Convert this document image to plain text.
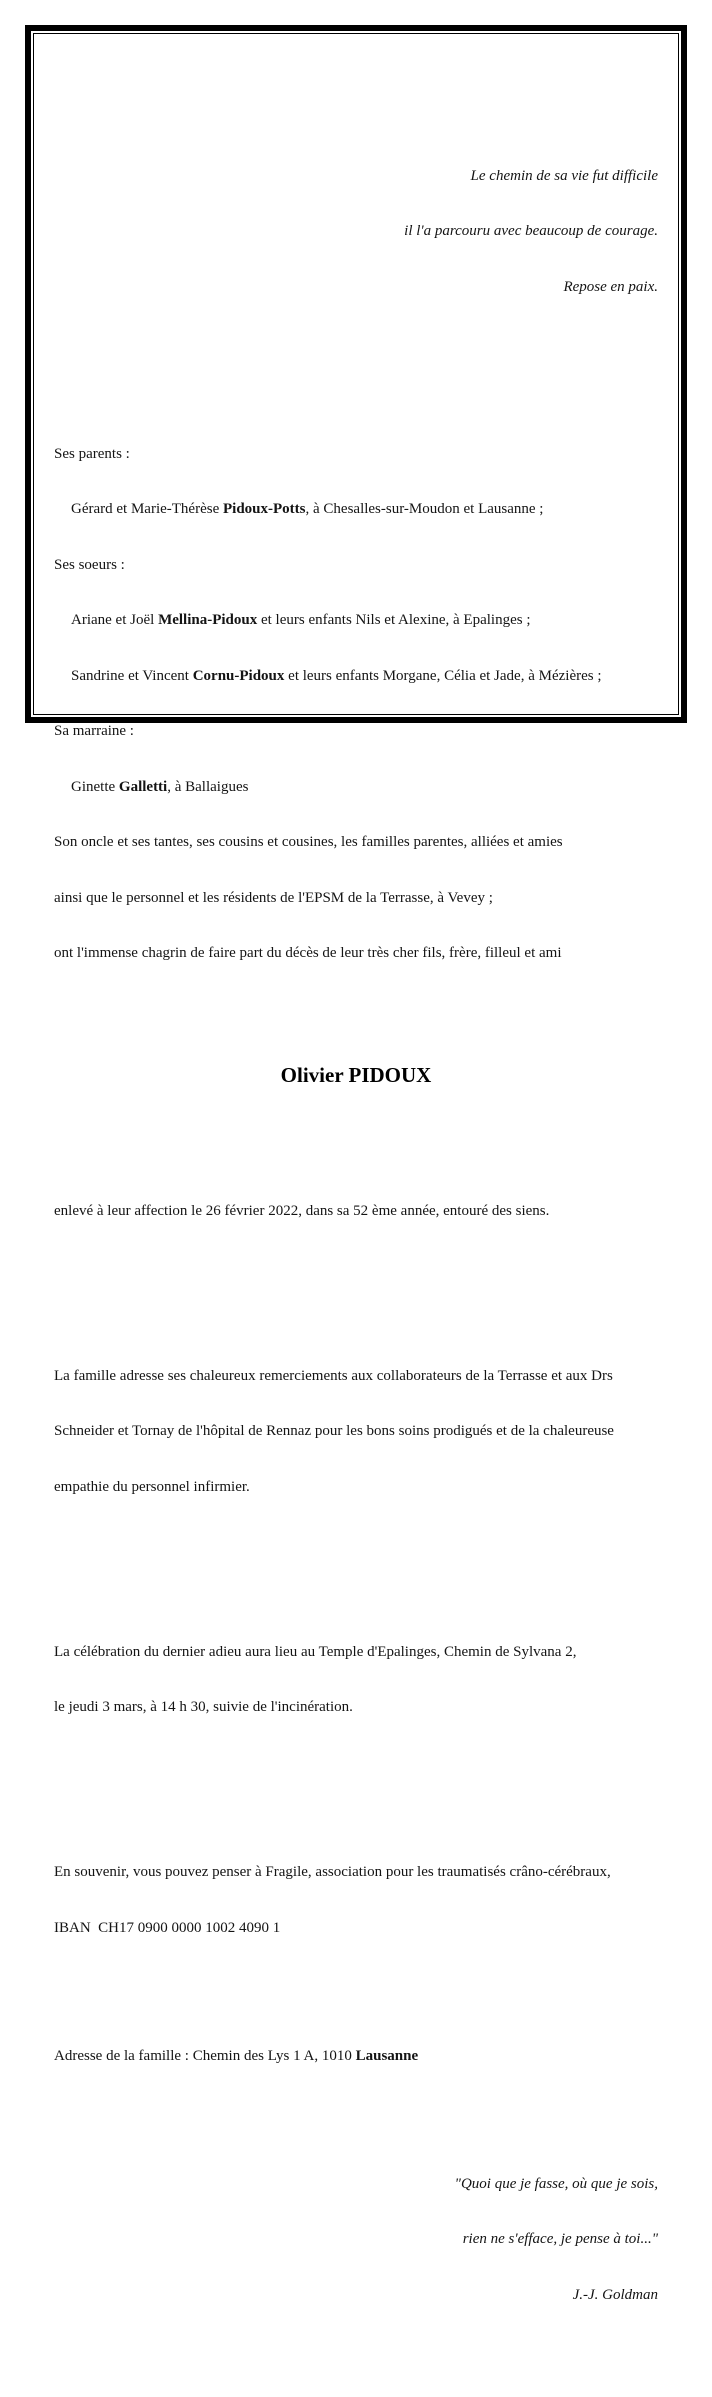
Le chemin de sa vie fut difficile

il l'a parcouru avec beaucoup de courage.

Repose en paix.

Ses parents :

Gérard et Marie-Thérèse Pidoux-Potts, à Chesalles-sur-Moudon et Lausanne ;

Ses soeurs :

Ariane et Joël Mellina-Pidoux et leurs enfants Nils et Alexine, à Epalinges ;

Sandrine et Vincent Cornu-Pidoux et leurs enfants Morgane, Célia et Jade, à Mézières ;

Sa marraine :

Ginette Galletti, à Ballaigues

Son oncle et ses tantes, ses cousins et cousines, les familles parentes, alliées et amies

ainsi que le personnel et les résidents de l'EPSM de la Terrasse, à Vevey ;

ont l'immense chagrin de faire part du décès de leur très cher fils, frère, filleul et ami

Olivier PIDOUX

enlevé à leur affection le 26 février 2022, dans sa 52 ème année, entouré des siens.

La famille adresse ses chaleureux remerciements aux collaborateurs de la Terrasse et aux Drs

Schneider et Tornay de l'hôpital de Rennaz pour les bons soins prodigués et de la chaleureuse

empathie du personnel infirmier.

La célébration du dernier adieu aura lieu au Temple d'Epalinges, Chemin de Sylvana 2,

le jeudi 3 mars, à 14 h 30, suivie de l'incinération.

En souvenir, vous pouvez penser à Fragile, association pour les traumatisés crâno-cérébraux,

IBAN  CH17 0900 0000 1002 4090 1

Adresse de la famille : Chemin des Lys 1 A, 1010 Lausanne

"Quoi que je fasse, où que je sois,

rien ne s'efface, je pense à toi..."

J.-J. Goldman
